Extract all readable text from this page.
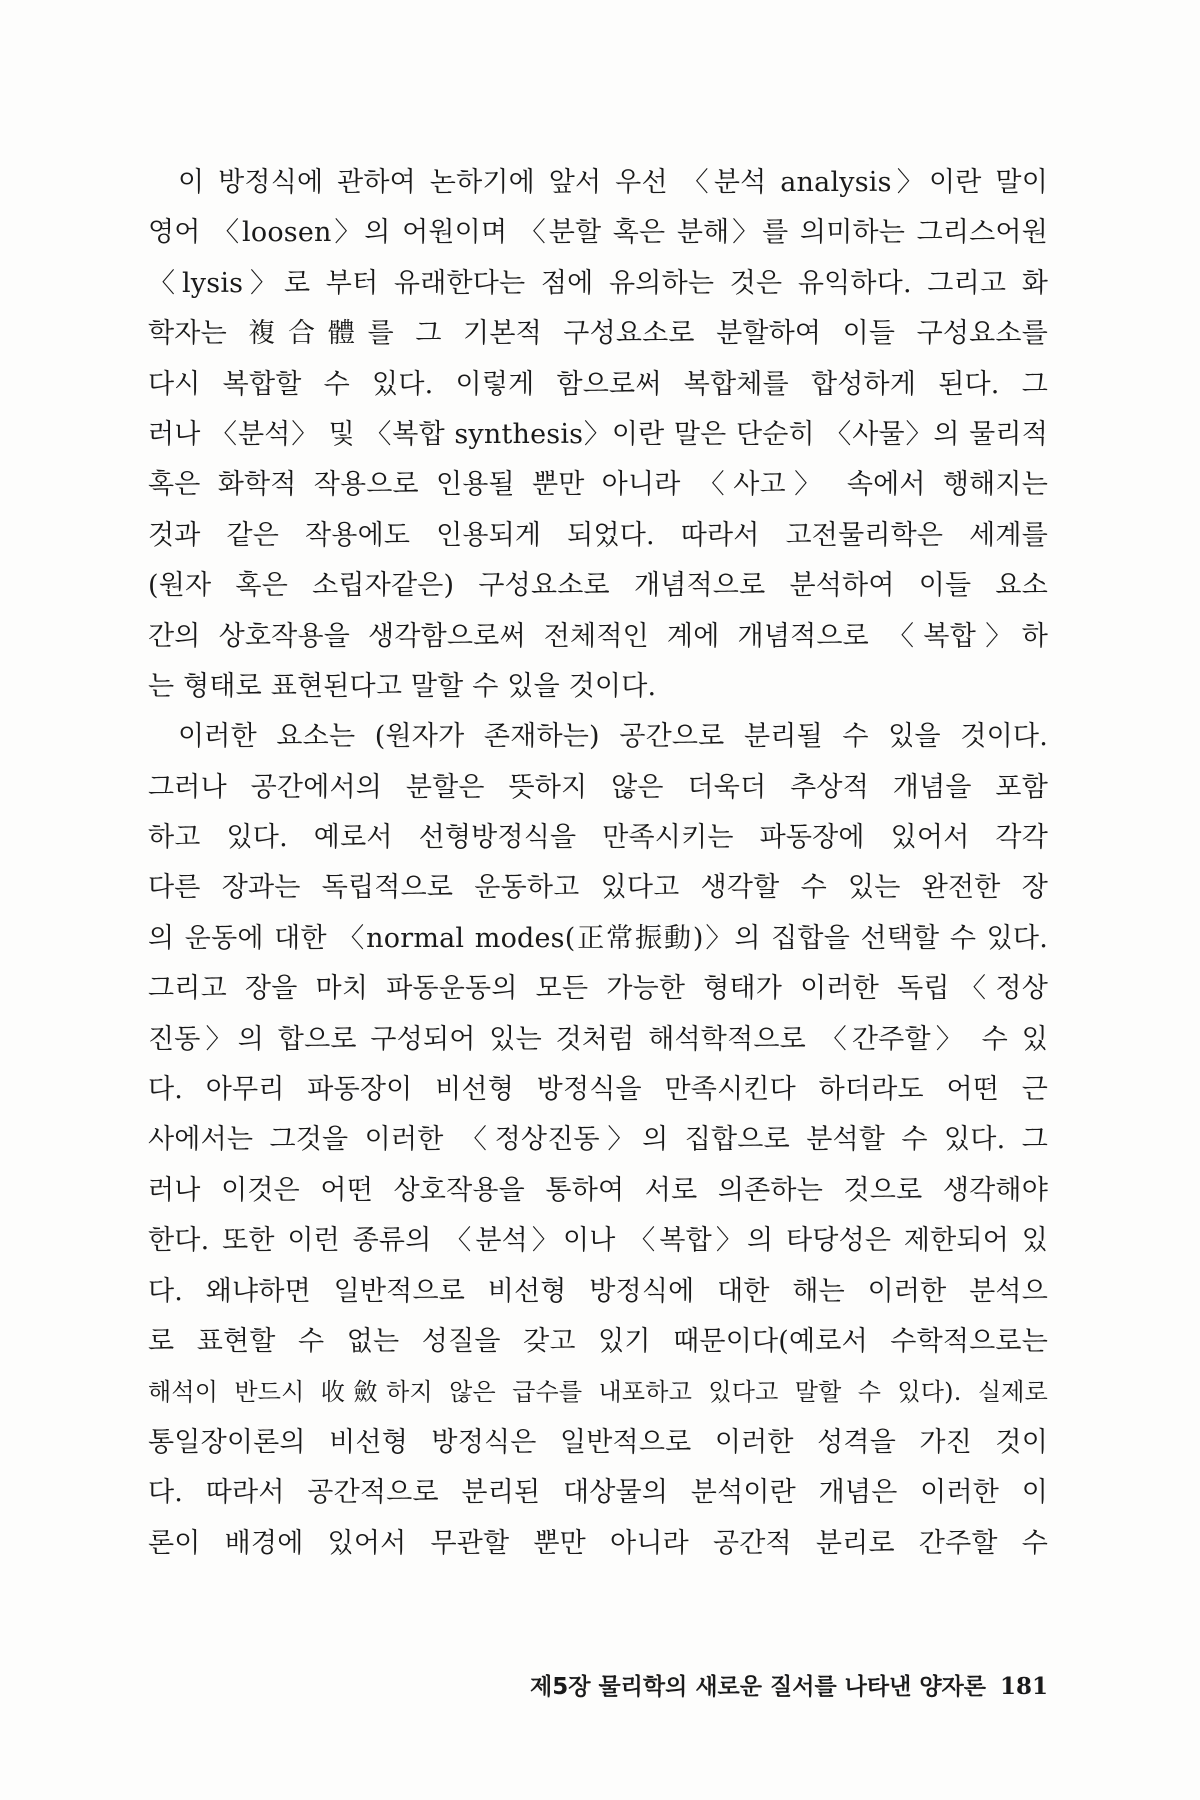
이 방정식에 관하여 논하기에 앞서 우선 〈분석 analysis〉이란 말이
영어 〈loosen〉의 어원이며 〈분할 혹은 분해〉를 의미하는 그리스어원
〈lysis〉로 부터 유래한다는 점에 유의하는 것은 유익하다. 그리고 화
학자는 複合體를 그 기본적 구성요소로 분할하여 이들 구성요소를
다시 복합할 수 있다. 이렇게 함으로써 복합체를 합성하게 된다. 그
러나 〈분석〉 및 〈복합 synthesis〉이란 말은 단순히 〈사물〉의 물리적
혹은 화학적 작용으로 인용될 뿐만 아니라 〈사고〉 속에서 행해지는
것과 같은 작용에도 인용되게 되었다. 따라서 고전물리학은 세계를
(원자 혹은 소립자같은) 구성요소로 개념적으로 분석하여 이들 요소
간의 상호작용을 생각함으로써 전체적인 계에 개념적으로 〈복합〉하
는 형태로 표현된다고 말할 수 있을 것이다.
이러한 요소는 (원자가 존재하는) 공간으로 분리될 수 있을 것이다.
그러나 공간에서의 분할은 뜻하지 않은 더욱더 추상적 개념을 포함
하고 있다. 예로서 선형방정식을 만족시키는 파동장에 있어서 각각
다른 장과는 독립적으로 운동하고 있다고 생각할 수 있는 완전한 장
의 운동에 대한 〈normal modes(正常振動)〉의 집합을 선택할 수 있다.
그리고 장을 마치 파동운동의 모든 가능한 형태가 이러한 독립〈정상
진동〉의 합으로 구성되어 있는 것처럼 해석학적으로 〈간주할〉 수 있
다. 아무리 파동장이 비선형 방정식을 만족시킨다 하더라도 어떤 근
사에서는 그것을 이러한 〈정상진동〉의 집합으로 분석할 수 있다. 그
러나 이것은 어떤 상호작용을 통하여 서로 의존하는 것으로 생각해야
한다. 또한 이런 종류의 〈분석〉이나 〈복합〉의 타당성은 제한되어 있
다. 왜냐하면 일반적으로 비선형 방정식에 대한 해는 이러한 분석으
로 표현할 수 없는 성질을 갖고 있기 때문이다(예로서 수학적으로는
해석이 반드시 收斂하지 않은 급수를 내포하고 있다고 말할 수 있다). 실제로
통일장이론의 비선형 방정식은 일반적으로 이러한 성격을 가진 것이
다. 따라서 공간적으로 분리된 대상물의 분석이란 개념은 이러한 이
론이 배경에 있어서 무관할 뿐만 아니라 공간적 분리로 간주할 수
제5장 물리학의 새로운 질서를 나타낸 양자론 181
